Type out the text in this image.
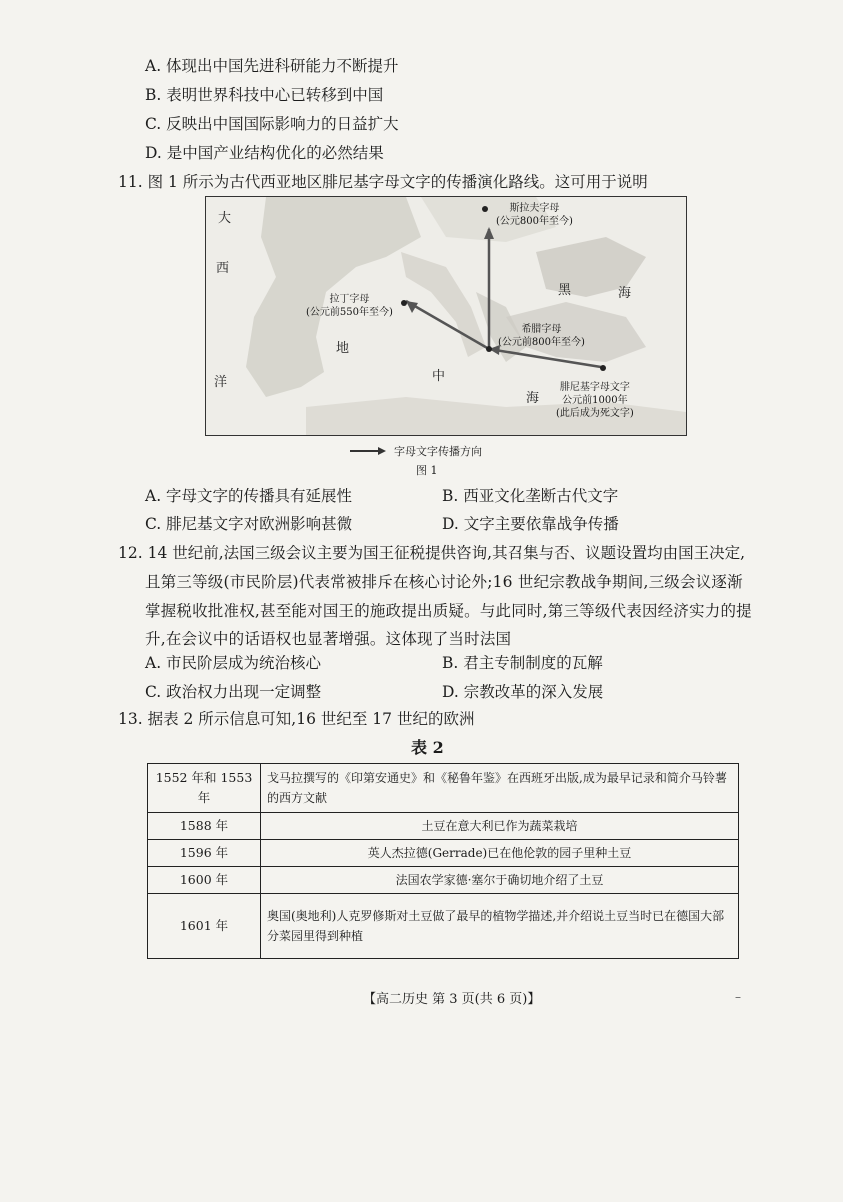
A. 体现出中国先进科研能力不断提升
B. 表明世界科技中心已转移到中国
C. 反映出中国国际影响力的日益扩大
D. 是中国产业结构优化的必然结果
11. 图 1 所示为古代西亚地区腓尼基字母文字的传播演化路线。这可用于说明
大
西
洋
黑	海
地
中
海
斯拉夫字母
(公元800年至今)
拉丁字母
(公元前550年至今)
希腊字母
(公元前800年至今)
腓尼基字母文字
公元前1000年
(此后成为死文字)
字母文字传播方向
图 1
A. 字母文字的传播具有延展性	B. 西亚文化垄断古代文字
C. 腓尼基文字对欧洲影响甚微	D. 文字主要依靠战争传播
12. 14 世纪前,法国三级会议主要为国王征税提供咨询,其召集与否、议题设置均由国王决定,
且第三等级(市民阶层)代表常被排斥在核心讨论外;16 世纪宗教战争期间,三级会议逐渐
掌握税收批准权,甚至能对国王的施政提出质疑。与此同时,第三等级代表因经济实力的提
升,在会议中的话语权也显著增强。这体现了当时法国
A. 市民阶层成为统治核心	B. 君主专制制度的瓦解
C. 政治权力出现一定调整	D. 宗教改革的深入发展
13. 据表 2 所示信息可知,16 世纪至 17 世纪的欧洲
表 2
1552 年和 1553 年	戈马拉撰写的《印第安通史》和《秘鲁年鉴》在西班牙出版,成为最早记录和简介马铃薯的西方文献
1588 年	土豆在意大利已作为蔬菜栽培
1596 年	英人杰拉德(Gerrade)已在他伦敦的园子里种土豆
1600 年	法国农学家德·塞尔于确切地介绍了土豆
1601 年	奥国(奥地利)人克罗修斯对土豆做了最早的植物学描述,并介绍说土豆当时已在德国大部分菜园里得到种植
【高二历史 第 3 页(共 6 页)】	–
